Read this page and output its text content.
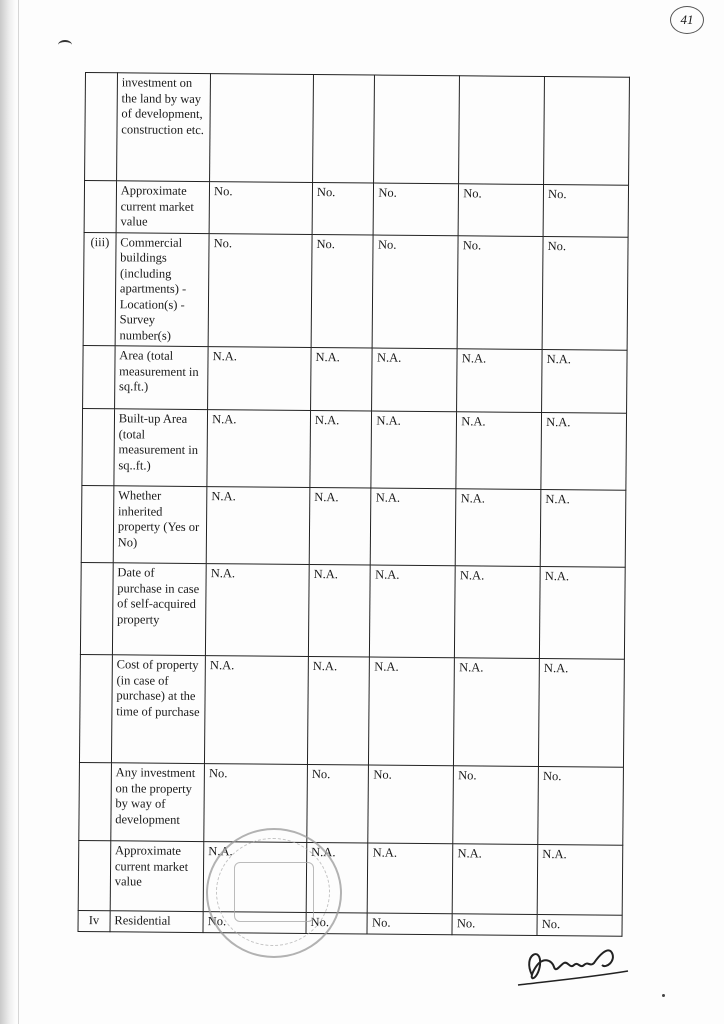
41
	investment on the land by way of development, construction etc.					
	Approximate current market value	No.	No.	No.	No.	No.
(iii)	Commercial buildings (including apartments) -Location(s) -Survey number(s)	No.	No.	No.	No.	No.
	Area (total measurement in sq.ft.)	N.A.	N.A.	N.A.	N.A.	N.A.
	Built-up Area (total measurement in sq..ft.)	N.A.	N.A.	N.A.	N.A.	N.A.
	Whether inherited property (Yes or No)	N.A.	N.A.	N.A.	N.A.	N.A.
	Date of purchase in case of self-acquired property	N.A.	N.A.	N.A.	N.A.	N.A.
	Cost of property (in case of purchase) at the time of purchase	N.A.	N.A.	N.A.	N.A.	N.A.
	Any investment on the property by way of development	No.	No.	No.	No.	No.
	Approximate current market value	N.A.	N.A.	N.A.	N.A.	N.A.
Iv	Residential	No.	No.	No.	No.	No.
